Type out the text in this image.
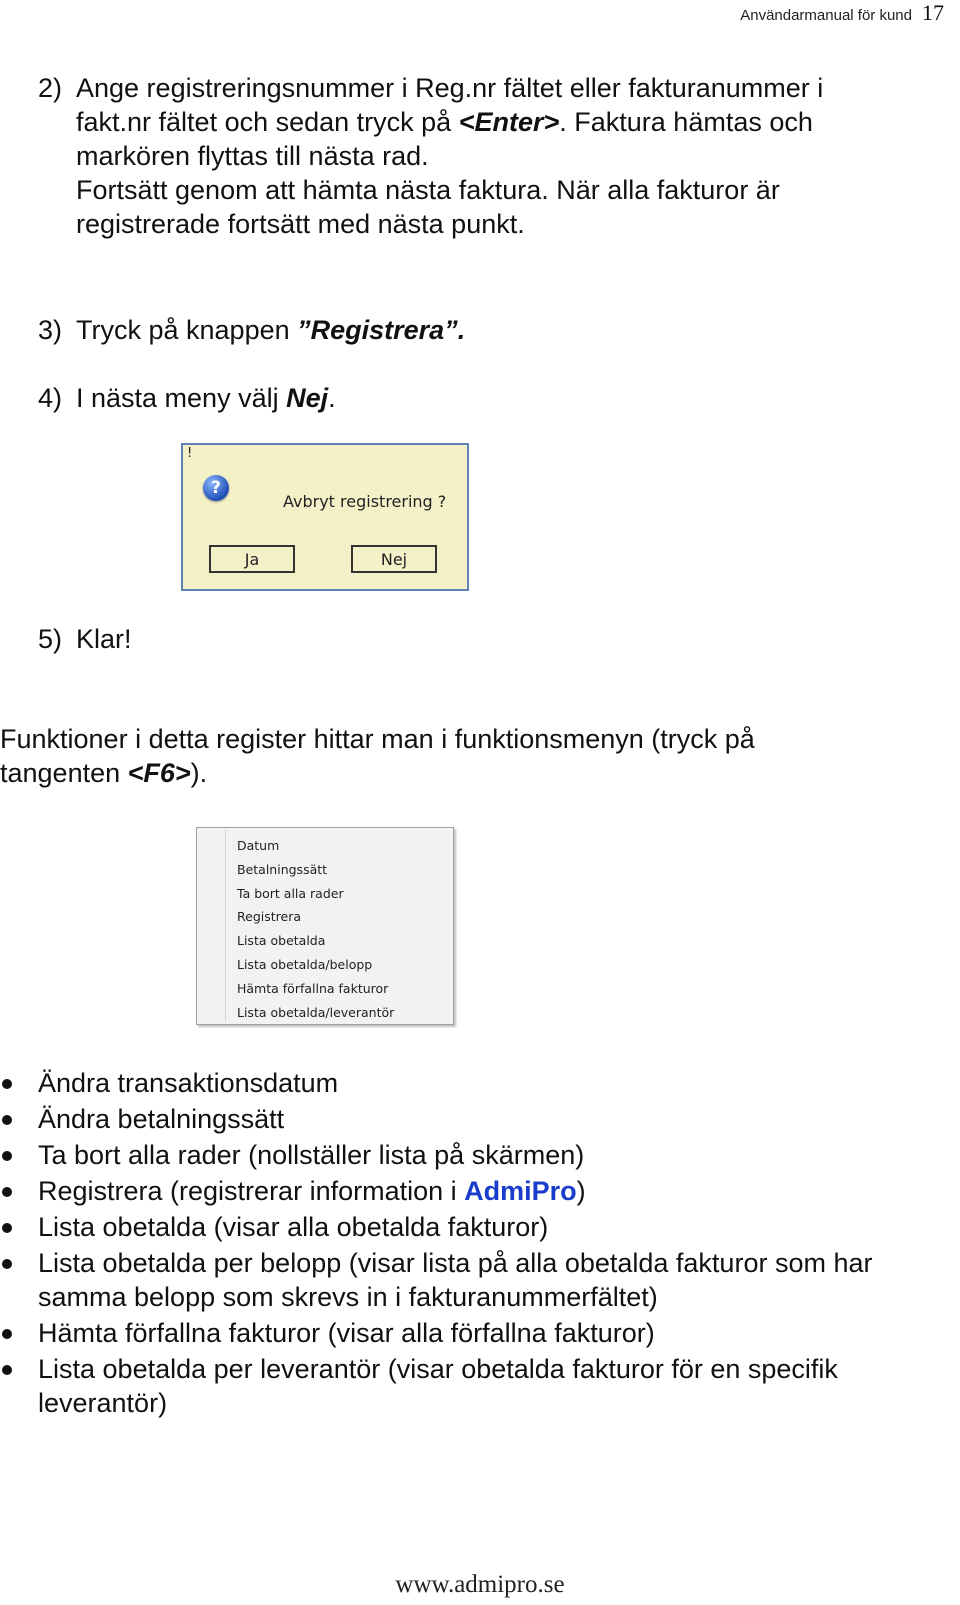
Användarmanual för kund 17
2) Ange registreringsnummer i Reg.nr fältet eller fakturanummer i
fakt.nr fältet och sedan tryck på <Enter>. Faktura hämtas och
markören flyttas till nästa rad.
Fortsätt genom att hämta nästa faktura. När alla fakturor är
registrerade fortsätt med nästa punkt.
3) Tryck på knappen ”Registrera”.
4) I nästa meny välj Nej.
!
?
Avbryt registrering ?
Ja	Nej
5) Klar!
Funktioner i detta register hittar man i funktionsmenyn (tryck på
tangenten <F6>).
Datum
Betalningssätt
Ta bort alla rader
Registrera
Lista obetalda
Lista obetalda/belopp
Hämta förfallna fakturor
Lista obetalda/leverantör
Ändra transaktionsdatum
Ändra betalningssätt
Ta bort alla rader (nollställer lista på skärmen)
Registrera (registrerar information i AdmiPro)
Lista obetalda (visar alla obetalda fakturor)
Lista obetalda per belopp (visar lista på alla obetalda fakturor som har
samma belopp som skrevs in i fakturanummerfältet)
Hämta förfallna fakturor (visar alla förfallna fakturor)
Lista obetalda per leverantör (visar obetalda fakturor för en specifik
leverantör)
www.admipro.se
